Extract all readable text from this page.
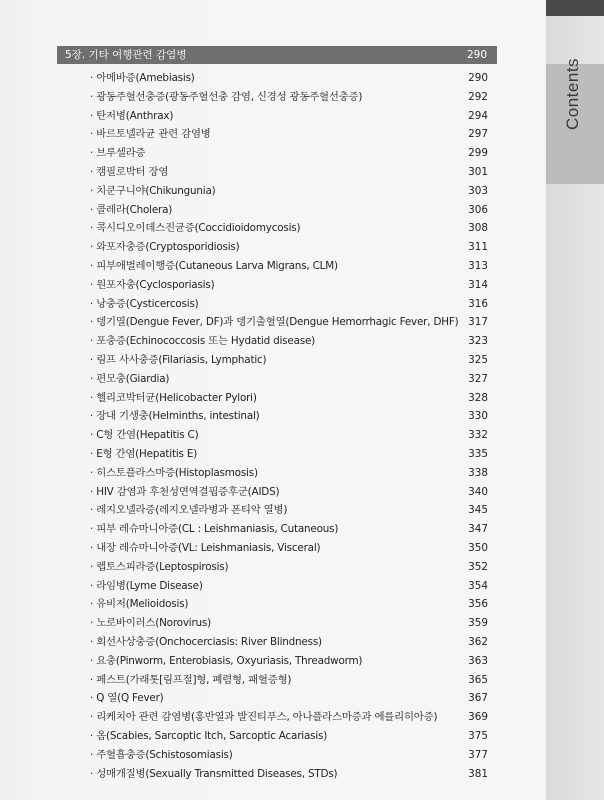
5장. 기타 여행관련 감염병	290
· 아메바증(Amebiasis)	290
· 광동주혈선충증(광동주혈선충 감염, 신경성 광동주혈선충증)	292
· 탄저병(Anthrax)	294
· 바르토넬라균 관련 감염병	297
· 브루셀라증	299
· 캠필로박터 장염	301
· 치쿤구니야(Chikungunia)	303
· 콜레라(Cholera)	306
· 콕시디오이데스진균증(Coccidioidomycosis)	308
· 와포자충증(Cryptosporidiosis)	311
· 피부애벌레이행증(Cutaneous Larva Migrans, CLM)	313
· 원포자충(Cyclosporiasis)	314
· 낭충증(Cysticercosis)	316
· 뎅기열(Dengue Fever, DF)과 뎅기출혈열(Dengue Hemorrhagic Fever, DHF) 317
· 포충증(Echinococcosis 또는 Hydatid disease)	323
· 림프 사사충증(Filariasis, Lymphatic)	325
· 편모충(Giardia)	327
· 헬리코박터균(Helicobacter Pylori)	328
· 장내 기생충(Helminths, intestinal)	330
· C형 간염(Hepatitis C)	332
· E형 간염(Hepatitis E)	335
· 히스토플라스마증(Histoplasmosis)	338
· HIV 감염과 후천성면역결핍증후군(AIDS)	340
· 레지오넬라증(레지오넬라병과 폰티악 열병)	345
· 피부 레슈마니아증(CL : Leishmaniasis, Cutaneous)	347
· 내장 레슈마니아증(VL: Leishmaniasis, Visceral)	350
· 렙토스피라증(Leptospirosis)	352
· 라임병(Lyme Disease)	354
· 유비저(Melioidosis)	356
· 노로바이러스(Norovirus)	359
· 회선사상충증(Onchocerciasis: River Blindness)	362
· 요충(Pinworm, Enterobiasis, Oxyuriasis, Threadworm)	363
· 페스트(가래톳[림프절]형, 폐렴형, 패혈증형)	365
· Q 열(Q Fever)	367
· 리케치아 관련 감염병(홍반열과 발진티푸스, 아나플라스마증과 에를리히아증)	369
· 옴(Scabies, Sarcoptic Itch, Sarcoptic Acariasis)	375
· 주혈흡충증(Schistosomiasis)	377
· 성매개질병(Sexually Transmitted Diseases, STDs)	381
Contents
